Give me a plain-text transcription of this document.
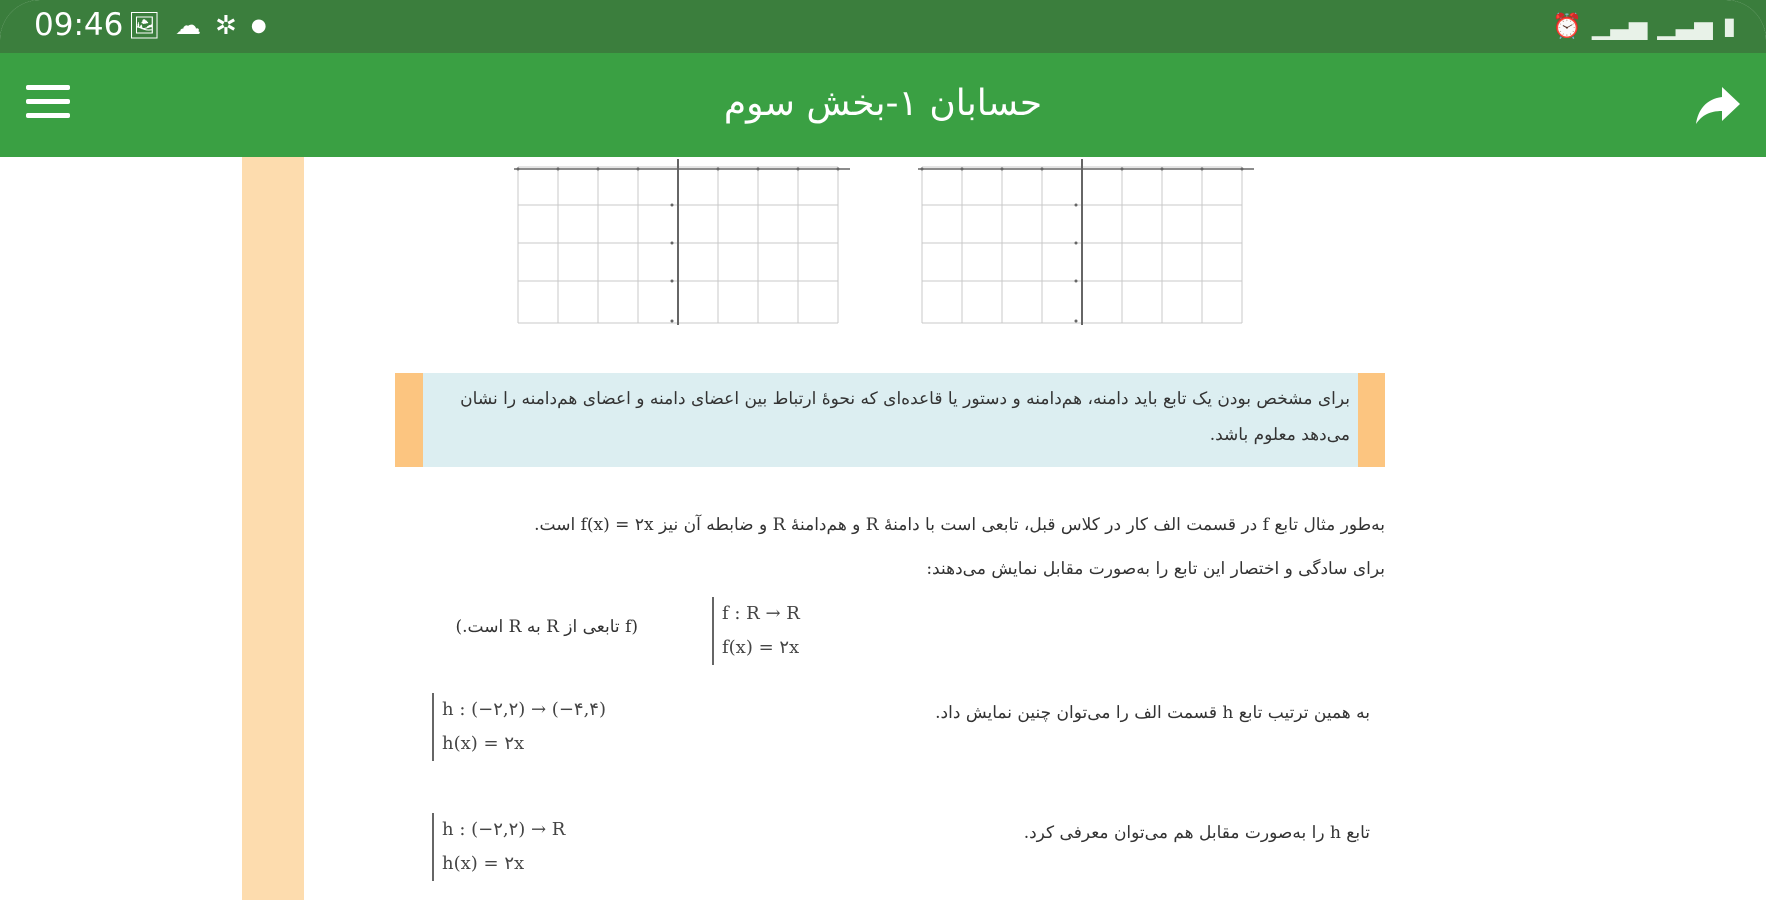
09:46 🖼 ☁ ✲ ●	⏰ ▁▃▅ ▁▃▅ ▮
حسابان ۱-بخش سوم
برای مشخص بودن یک تابع باید دامنه، هم‌دامنه و دستور یا قاعده‌ای که نحوهٔ ارتباط بین اعضای دامنه و اعضای هم‌دامنه را نشان می‌دهد معلوم باشد.
به‌طور مثال تابع f در قسمت الف کار در کلاس قبل، تابعی است با دامنهٔ R و هم‌دامنهٔ R و ضابطه آن نیز f(x) = ۲x است.
برای سادگی و اختصار این تابع را به‌صورت مقابل نمایش می‌دهند:
f : R → R
f(x) = ۲x
(f تابعی از R به R است.)
به همین ترتیب تابع h قسمت الف را می‌توان چنین نمایش داد.
h : (−۲,۲) → (−۴,۴)
h(x) = ۲x
تابع h را به‌صورت مقابل هم می‌توان معرفی کرد.
h : (−۲,۲) → R
h(x) = ۲x
